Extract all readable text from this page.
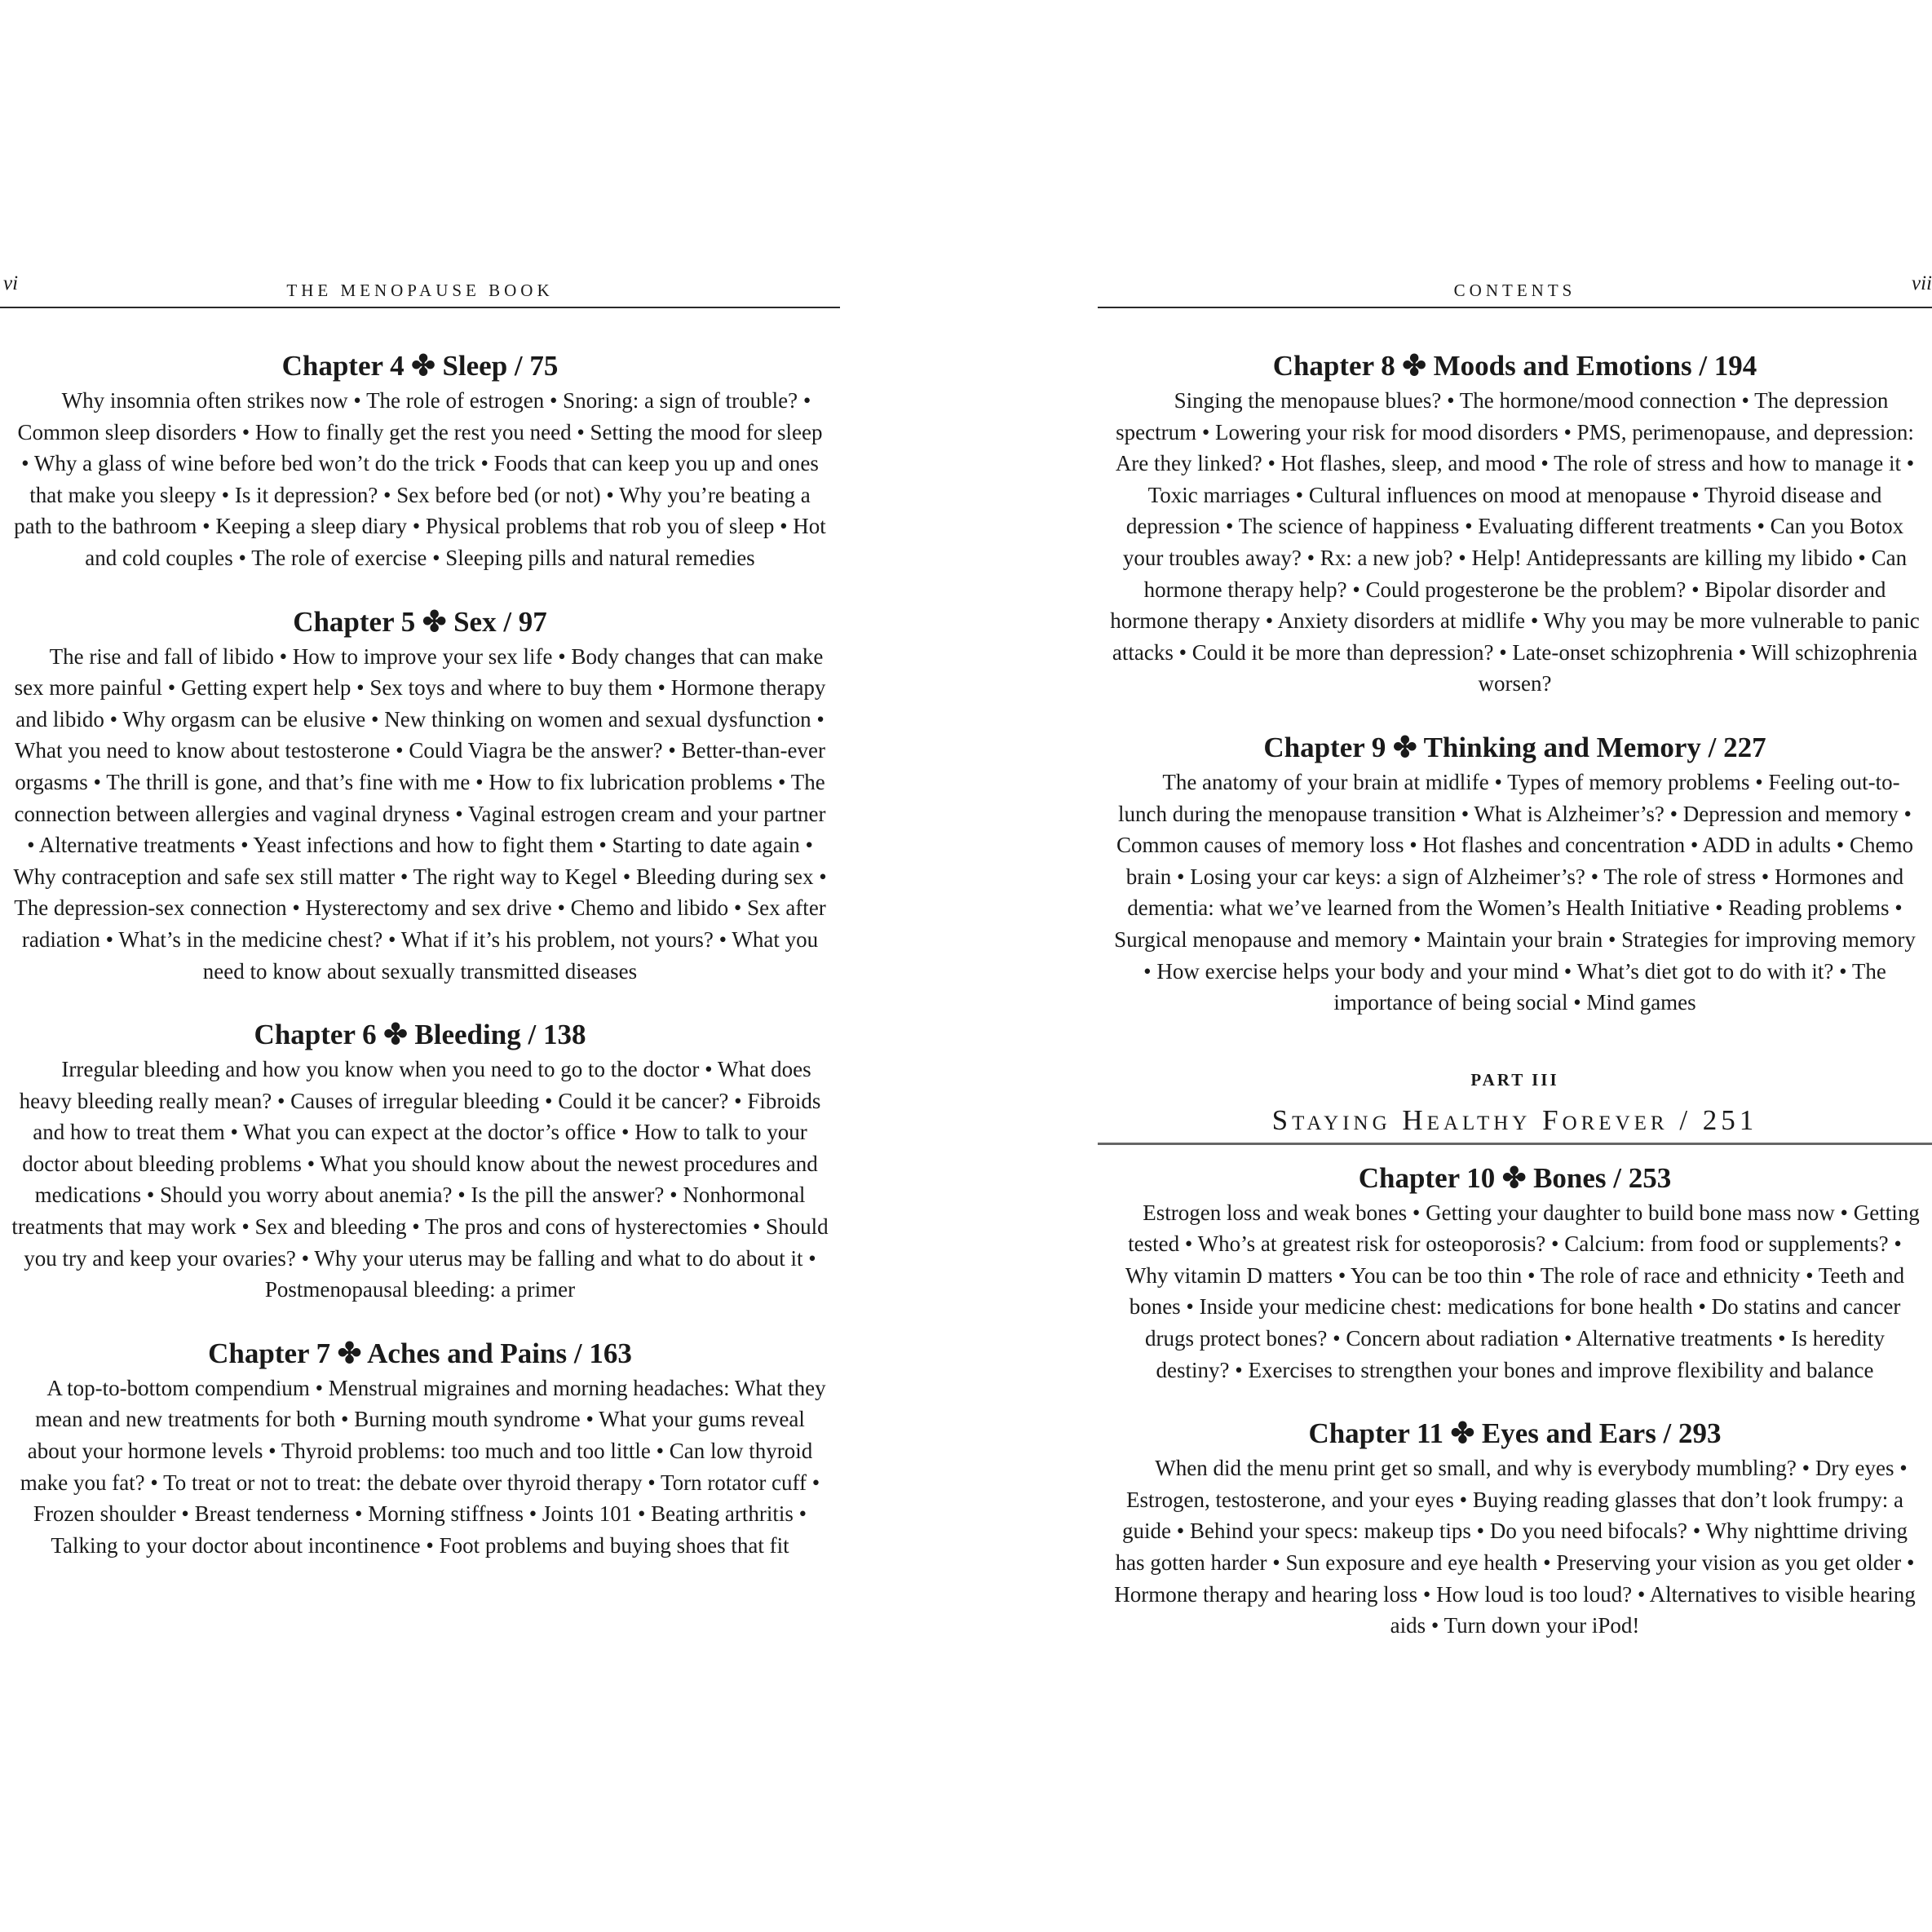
vi	THE MENOPAUSE BOOK
Chapter 4 ✤ Sleep / 75

Why insomnia often strikes now • The role of estrogen • Snoring: a sign of trouble? • Common sleep disorders • How to finally get the rest you need • Setting the mood for sleep • Why a glass of wine before bed won’t do the trick • Foods that can keep you up and ones that make you sleepy • Is it depression? • Sex before bed (or not) • Why you’re beating a path to the bathroom • Keeping a sleep diary • Physical problems that rob you of sleep • Hot and cold couples • The role of exercise • Sleeping pills and natural remedies

Chapter 5 ✤ Sex / 97

The rise and fall of libido • How to improve your sex life • Body changes that can make sex more painful • Getting expert help • Sex toys and where to buy them • Hormone therapy and libido • Why orgasm can be elusive • New thinking on women and sexual dysfunction • What you need to know about testosterone • Could Viagra be the answer? • Better-than-ever orgasms • The thrill is gone, and that’s fine with me • How to fix lubrication problems • The connection between allergies and vaginal dryness • Vaginal estrogen cream and your partner • Alternative treatments • Yeast infections and how to fight them • Starting to date again • Why contraception and safe sex still matter • The right way to Kegel • Bleeding during sex • The depression-sex connection • Hysterectomy and sex drive • Chemo and libido • Sex after radiation • What’s in the medicine chest? • What if it’s his problem, not yours? • What you need to know about sexually transmitted diseases

Chapter 6 ✤ Bleeding / 138

Irregular bleeding and how you know when you need to go to the doctor • What does heavy bleeding really mean? • Causes of irregular bleeding • Could it be cancer? • Fibroids and how to treat them • What you can expect at the doctor’s office • How to talk to your doctor about bleeding problems • What you should know about the newest procedures and medications • Should you worry about anemia? • Is the pill the answer? • Nonhormonal treatments that may work • Sex and bleeding • The pros and cons of hysterectomies • Should you try and keep your ovaries? • Why your uterus may be falling and what to do about it • Postmenopausal bleeding: a primer

Chapter 7 ✤ Aches and Pains / 163

A top-to-bottom compendium • Menstrual migraines and morning headaches: What they mean and new treatments for both • Burning mouth syndrome • What your gums reveal about your hormone levels • Thyroid problems: too much and too little • Can low thyroid make you fat? • To treat or not to treat: the debate over thyroid therapy • Torn rotator cuff • Frozen shoulder • Breast tenderness • Morning stiffness • Joints 101 • Beating arthritis • Talking to your doctor about incontinence • Foot problems and buying shoes that fit

CONTENTS	vii
Chapter 8 ✤ Moods and Emotions / 194

Singing the menopause blues? • The hormone/mood connection • The depression spectrum • Lowering your risk for mood disorders • PMS, perimenopause, and depression: Are they linked? • Hot flashes, sleep, and mood • The role of stress and how to manage it • Toxic marriages • Cultural influences on mood at menopause • Thyroid disease and depression • The science of happiness • Evaluating different treatments • Can you Botox your troubles away? • Rx: a new job? • Help! Antidepressants are killing my libido • Can hormone therapy help? • Could progesterone be the problem? • Bipolar disorder and hormone therapy • Anxiety disorders at midlife • Why you may be more vulnerable to panic attacks • Could it be more than depression? • Late-onset schizophrenia • Will schizophrenia worsen?

Chapter 9 ✤ Thinking and Memory / 227

The anatomy of your brain at midlife • Types of memory problems • Feeling out-to-lunch during the menopause transition • What is Alzheimer’s? • Depression and memory • Common causes of memory loss • Hot flashes and concentration • ADD in adults • Chemo brain • Losing your car keys: a sign of Alzheimer’s? • The role of stress • Hormones and dementia: what we’ve learned from the Women’s Health Initiative • Reading problems • Surgical menopause and memory • Maintain your brain • Strategies for improving memory • How exercise helps your body and your mind • What’s diet got to do with it? • The importance of being social • Mind games

PART III

Staying Healthy Forever / 251

Chapter 10 ✤ Bones / 253

Estrogen loss and weak bones • Getting your daughter to build bone mass now • Getting tested • Who’s at greatest risk for osteoporosis? • Calcium: from food or supplements? • Why vitamin D matters • You can be too thin • The role of race and ethnicity • Teeth and bones • Inside your medicine chest: medications for bone health • Do statins and cancer drugs protect bones? • Concern about radiation • Alternative treatments • Is heredity destiny? • Exercises to strengthen your bones and improve flexibility and balance

Chapter 11 ✤ Eyes and Ears / 293

When did the menu print get so small, and why is everybody mumbling? • Dry eyes • Estrogen, testosterone, and your eyes • Buying reading glasses that don’t look frumpy: a guide • Behind your specs: makeup tips • Do you need bifocals? • Why nighttime driving has gotten harder • Sun exposure and eye health • Preserving your vision as you get older • Hormone therapy and hearing loss • How loud is too loud? • Alternatives to visible hearing aids • Turn down your iPod!
